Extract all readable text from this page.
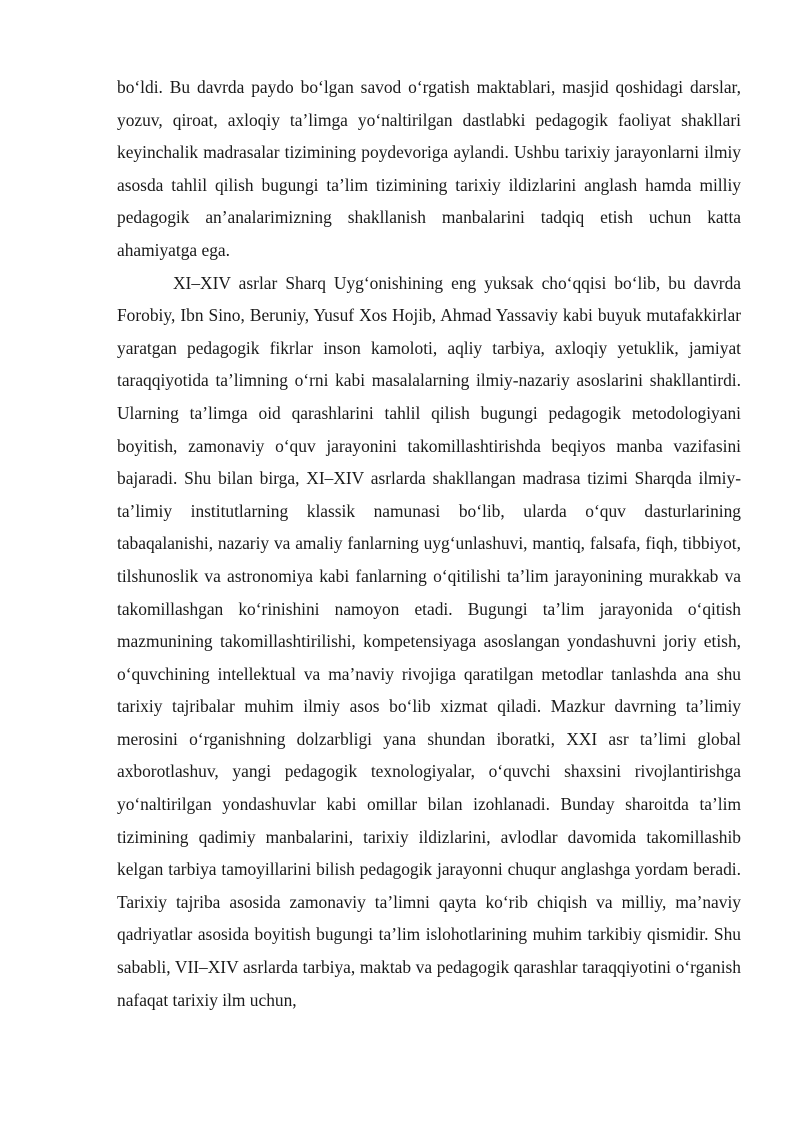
bo‘ldi. Bu davrda paydo bo‘lgan savod o‘rgatish maktablari, masjid qoshidagi darslar, yozuv, qiroat, axloqiy ta’limga yo‘naltirilgan dastlabki pedagogik faoliyat shakllari keyinchalik madrasalar tizimining poydevoriga aylandi. Ushbu tarixiy jarayonlarni ilmiy asosda tahlil qilish bugungi ta’lim tizimining tarixiy ildizlarini anglash hamda milliy pedagogik an’analarimizning shakllanish manbalarini tadqiq etish uchun katta ahamiyatga ega.

XI–XIV asrlar Sharq Uyg‘onishining eng yuksak cho‘qqisi bo‘lib, bu davrda Forobiy, Ibn Sino, Beruniy, Yusuf Xos Hojib, Ahmad Yassaviy kabi buyuk mutafakkirlar yaratgan pedagogik fikrlar inson kamoloti, aqliy tarbiya, axloqiy yetuklik, jamiyat taraqqiyotida ta’limning o‘rni kabi masalalarning ilmiy-nazariy asoslarini shakllantirdi. Ularning ta’limga oid qarashlarini tahlil qilish bugungi pedagogik metodologiyani boyitish, zamonaviy o‘quv jarayonini takomillashtirishda beqiyos manba vazifasini bajaradi. Shu bilan birga, XI–XIV asrlarda shakllangan madrasa tizimi Sharqda ilmiy-ta’limiy institutlarning klassik namunasi bo‘lib, ularda o‘quv dasturlarining tabaqalanishi, nazariy va amaliy fanlarning uyg‘unlashuvi, mantiq, falsafa, fiqh, tibbiyot, tilshunoslik va astronomiya kabi fanlarning o‘qitilishi ta’lim jarayonining murakkab va takomillashgan ko‘rinishini namoyon etadi. Bugungi ta’lim jarayonida o‘qitish mazmunining takomillashtirilishi, kompetensiyaga asoslangan yondashuvni joriy etish, o‘quvchining intellektual va ma’naviy rivojiga qaratilgan metodlar tanlashda ana shu tarixiy tajribalar muhim ilmiy asos bo‘lib xizmat qiladi. Mazkur davrning ta’limiy merosini o‘rganishning dolzarbligi yana shundan iboratki, XXI asr ta’limi global axborotlashuv, yangi pedagogik texnologiyalar, o‘quvchi shaxsini rivojlantirishga yo‘naltirilgan yondashuvlar kabi omillar bilan izohlanadi. Bunday sharoitda ta’lim tizimining qadimiy manbalarini, tarixiy ildizlarini, avlodlar davomida takomillashib kelgan tarbiya tamoyillarini bilish pedagogik jarayonni chuqur anglashga yordam beradi. Tarixiy tajriba asosida zamonaviy ta’limni qayta ko‘rib chiqish va milliy, ma’naviy qadriyatlar asosida boyitish bugungi ta’lim islohotlarining muhim tarkibiy qismidir. Shu sababli, VII–XIV asrlarda tarbiya, maktab va pedagogik qarashlar taraqqiyotini o‘rganish nafaqat tarixiy ilm uchun,
